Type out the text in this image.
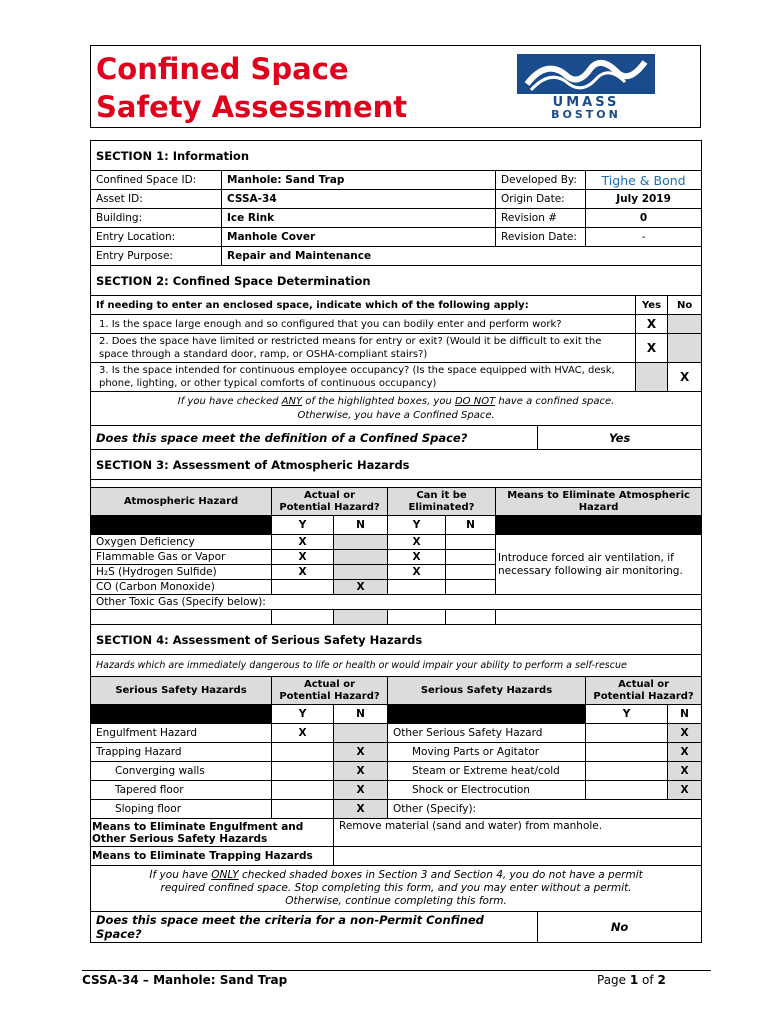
Confined Space
Safety Assessment	UMASS
BOSTON
SECTION 1: Information										
Confined Space ID:	Manhole: Sand Trap					Developed By:		Tighe & Bond		
Asset ID:	CSSA-34					Origin Date:		July 2019		
Building:	Ice Rink					Revision #		0		
Entry Location:	Manhole Cover					Revision Date:		-		
Entry Purpose:	Repair and Maintenance									
SECTION 2: Confined Space Determination										
If needing to enter an enclosed space, indicate which of the following apply:									Yes	No
1. Is the space large enough and so configured that you can bodily enter and perform work?									X	
2. Does the space have limited or restricted means for entry or exit? (Would it be difficult to exit the space through a standard door, ramp, or OSHA-compliant stairs?)									X	
3. Is the space intended for continuous employee occupancy? (Is the space equipped with HVAC, desk, phone, lighting, or other typical comforts of continuous occupancy)										X
If you have checked ANY of the highlighted boxes, you DO NOT have a confined space.
Otherwise, you have a Confined Space.										
Does this space meet the definition of a Confined Space?							Yes			
SECTION 3: Assessment of Atmospheric Hazards										

Atmospheric Hazard		Actual or Potential Hazard?		Can it be Eliminated?		Means to Eliminate Atmospheric Hazard				
		Y	N	Y	N					
Oxygen Deficiency		X		X		Introduce forced air ventilation, if necessary following air monitoring.				
Flammable Gas or Vapor		X		X						
H₂S (Hydrogen Sulfide)		X		X						
CO (Carbon Monoxide)			X							
Other Toxic Gas (Specify below):										

SECTION 4: Assessment of Serious Safety Hazards										
Hazards which are immediately dangerous to life or health or would impair your ability to perform a self-rescue										
Serious Safety Hazards		Actual or Potential Hazard?		Serious Safety Hazards				Actual or Potential Hazard?		
		Y	N					Y		N
Engulfment Hazard		X		Other Serious Safety Hazard						X
Trapping Hazard			X	Moving Parts or Agitator						X
Converging walls			X	Steam or Extreme heat/cold						X
Tapered floor			X	Shock or Electrocution						X
Sloping floor			X	Other (Specify):						
Means to Eliminate Engulfment and Other Serious Safety Hazards			Remove material (sand and water) from manhole.							
Means to Eliminate Trapping Hazards										
If you have ONLY checked shaded boxes in Section 3 and Section 4, you do not have a permit required confined space. Stop completing this form, and you may enter without a permit.
Otherwise, continue completing this form.										
Does this space meet the criteria for a non-Permit Confined Space?							No			
CSSA-34 – Manhole: Sand Trap	Page 1 of 2
